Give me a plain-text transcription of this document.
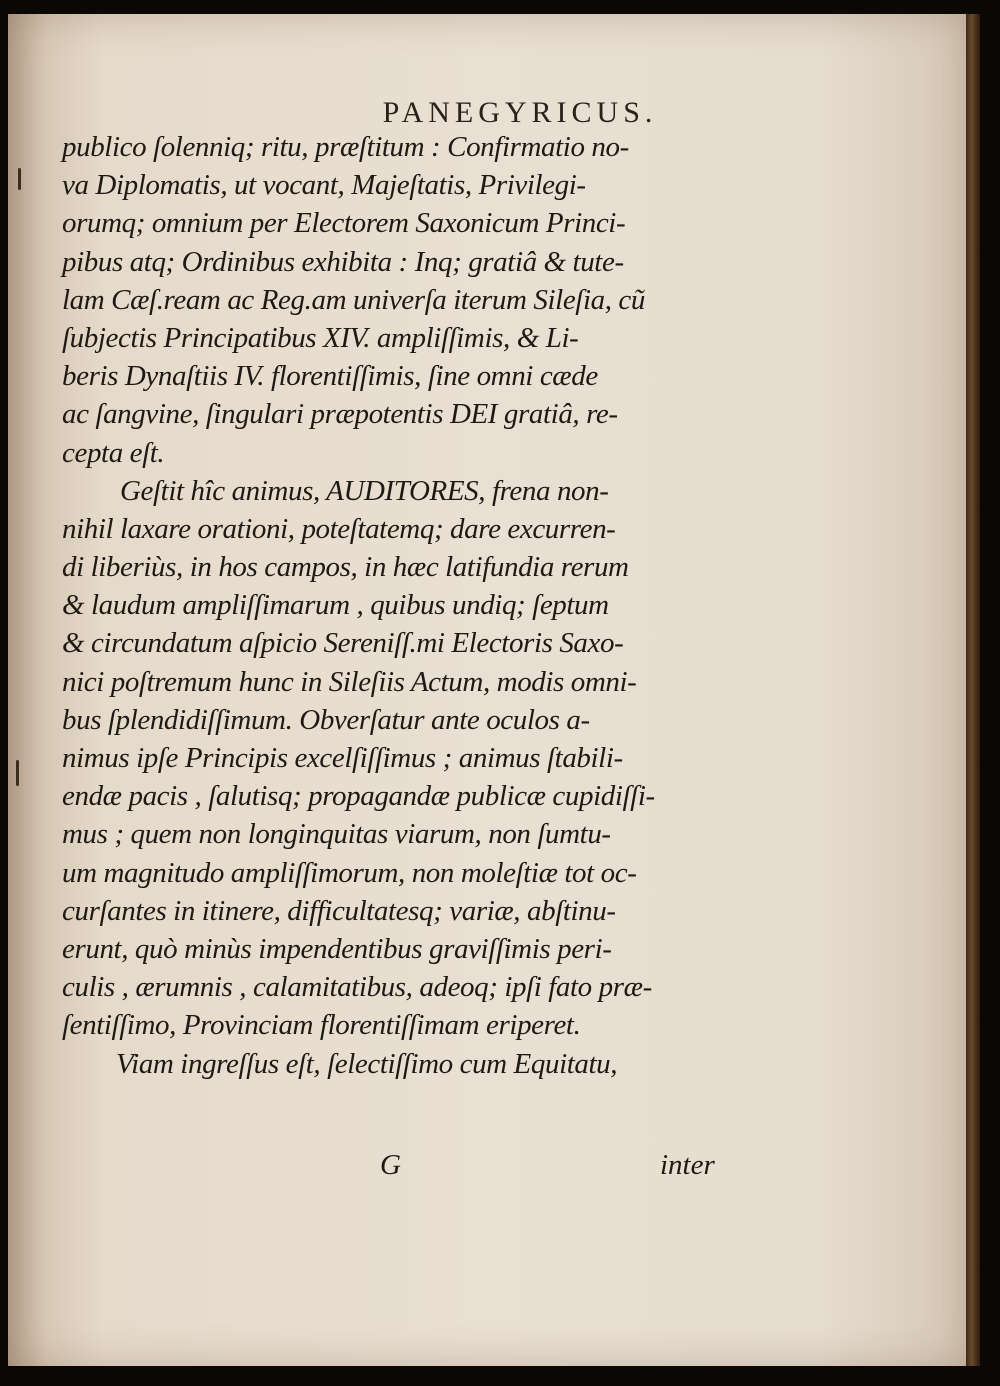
PANEGYRICUS.
publico ſolenniq; ritu, præſtitum : Confirmatio no-
va Diplomatis, ut vocant, Majeſtatis, Privilegi-
orumq; omnium per Electorem Saxonicum Princi-
pibus atq; Ordinibus exhibita : Inq; gratiâ & tute-
lam Cæſ.ream ac Reg.am univerſa iterum Sileſia, cũ
ſubjectis Principatibus XIV. ampliſſimis, & Li-
beris Dynaſtiis IV. florentiſſimis, ſine omni cæde
ac ſangvine, ſingulari præpotentis DEI gratiâ, re-
cepta eſt.
Geſtit hîc animus, AUDITORES, frena non-
nihil laxare orationi, poteſtatemq; dare excurren-
di liberiùs, in hos campos, in hæc latifundia rerum
& laudum ampliſſimarum , quibus undiq; ſeptum
& circundatum aſpicio Sereniſſ.mi Electoris Saxo-
nici poſtremum hunc in Sileſiis Actum, modis omni-
bus ſplendidiſſimum. Obverſatur ante oculos a-
nimus ipſe Principis excelſiſſimus ; animus ſtabili-
endæ pacis , ſalutisq; propagandæ publicæ cupidiſſi-
mus ; quem non longinquitas viarum, non ſumtu-
um magnitudo ampliſſimorum, non moleſtiæ tot oc-
curſantes in itinere, difficultatesq; variæ, abſtinu-
erunt, quò minùs impendentibus graviſſimis peri-
culis , ærumnis , calamitatibus, adeoq; ipſi fato præ-
ſentiſſimo, Provinciam florentiſſimam eriperet.
Viam ingreſſus eſt, ſelectiſſimo cum Equitatu,
G	inter
